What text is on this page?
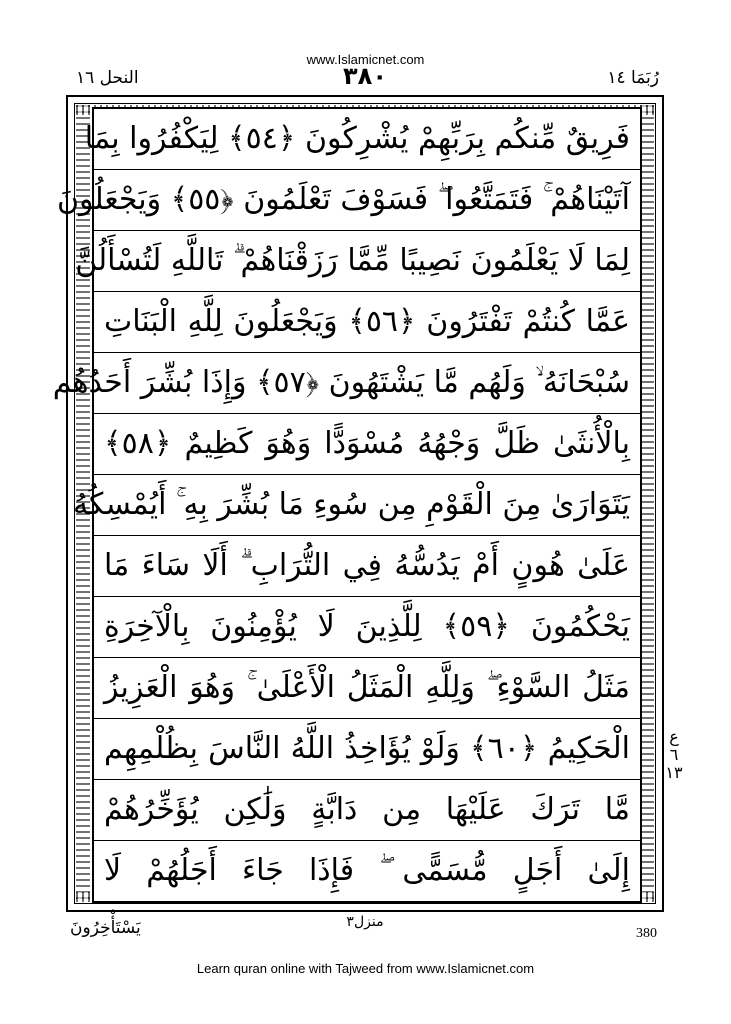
www.Islamicnet.com
النحل ١٦	٣٨٠	رُبَمَا ١٤
فَرِيقٌ مِّنكُم بِرَبِّهِمْ يُشْرِكُونَ ﴿٥٤﴾ لِيَكْفُرُوا بِمَا
آتَيْنَاهُمْ ۚ فَتَمَتَّعُوا ۖ فَسَوْفَ تَعْلَمُونَ ﴿٥٥﴾ وَيَجْعَلُونَ
لِمَا لَا يَعْلَمُونَ نَصِيبًا مِّمَّا رَزَقْنَاهُمْ ۗ تَاللَّهِ لَتُسْأَلُنَّ
عَمَّا كُنتُمْ تَفْتَرُونَ ﴿٥٦﴾ وَيَجْعَلُونَ لِلَّهِ الْبَنَاتِ
سُبْحَانَهُ ۙ وَلَهُم مَّا يَشْتَهُونَ ﴿٥٧﴾ وَإِذَا بُشِّرَ أَحَدُهُم
بِالْأُنثَىٰ ظَلَّ وَجْهُهُ مُسْوَدًّا وَهُوَ كَظِيمٌ ﴿٥٨﴾
يَتَوَارَىٰ مِنَ الْقَوْمِ مِن سُوءِ مَا بُشِّرَ بِهِ ۚ أَيُمْسِكُهُ
عَلَىٰ هُونٍ أَمْ يَدُسُّهُ فِي التُّرَابِ ۗ أَلَا سَاءَ مَا
يَحْكُمُونَ ﴿٥٩﴾ لِلَّذِينَ لَا يُؤْمِنُونَ بِالْآخِرَةِ
مَثَلُ السَّوْءِ ۖ وَلِلَّهِ الْمَثَلُ الْأَعْلَىٰ ۚ وَهُوَ الْعَزِيزُ
الْحَكِيمُ ﴿٦٠﴾ وَلَوْ يُؤَاخِذُ اللَّهُ النَّاسَ بِظُلْمِهِم
مَّا تَرَكَ عَلَيْهَا مِن دَابَّةٍ وَلَٰكِن يُؤَخِّرُهُمْ
إِلَىٰ أَجَلٍ مُّسَمًّى ۖ فَإِذَا جَاءَ أَجَلُهُمْ لَا
ع
٦
١٣
يَسْتَأْخِرُونَ	منزل٣
380
Learn quran online with Tajweed from www.Islamicnet.com
